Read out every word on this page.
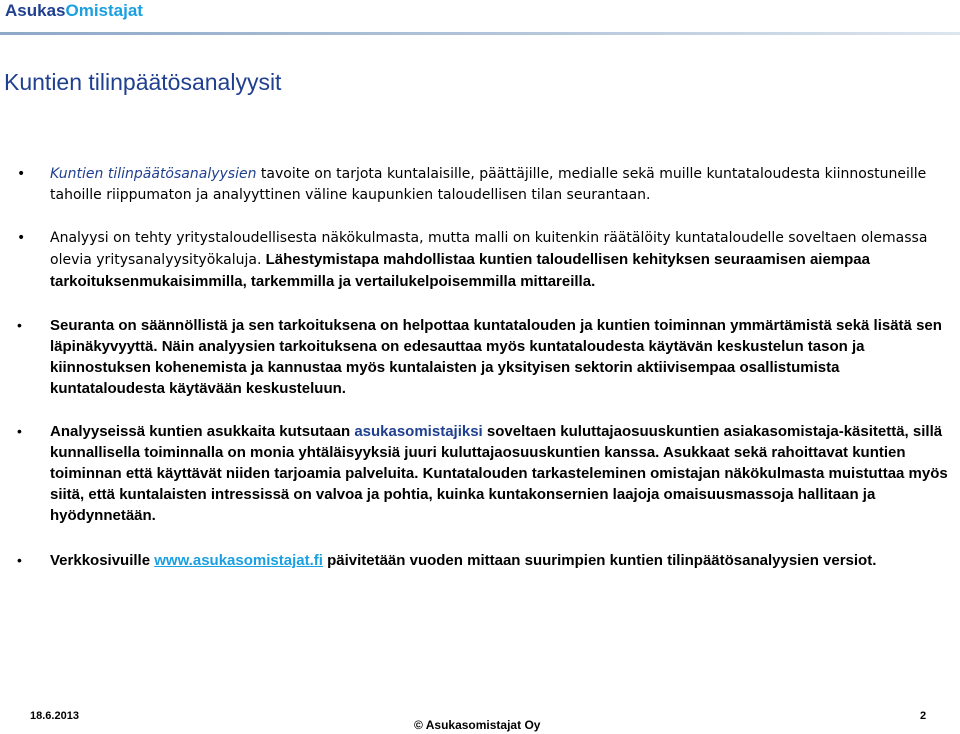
AsukasOmistajat
Kuntien tilinpäätösanalyysit
• Kuntien tilinpäätösanalyysien tavoite on tarjota kuntalaisille, päättäjille, medialle sekä muille kuntataloudesta kiinnostuneille tahoille riippumaton ja analyyttinen väline kaupunkien taloudellisen tilan seurantaan.
• Analyysi on tehty yritystaloudellisesta näkökulmasta, mutta malli on kuitenkin räätälöity kuntataloudelle soveltaen olemassa olevia yritysanalyysityökaluja. Lähestymistapa mahdollistaa kuntien taloudellisen kehityksen seuraamisen aiempaa tarkoituksenmukaisimmilla, tarkemmilla ja vertailukelpoisemmilla mittareilla.
• Seuranta on säännöllistä ja sen tarkoituksena on helpottaa kuntatalouden ja kuntien toiminnan ymmärtämistä sekä lisätä sen läpinäkyvyyttä. Näin analyysien tarkoituksena on edesauttaa myös kuntataloudesta käytävän keskustelun tason ja kiinnostuksen kohenemista ja kannustaa myös kuntalaisten ja yksityisen sektorin aktiivisempaa osallistumista kuntataloudesta käytävään keskusteluun.
• Analyyseissä kuntien asukkaita kutsutaan asukasomistajiksi soveltaen kuluttajaosuuskuntien asiakasomistaja-käsitettä, sillä kunnallisella toiminnalla on monia yhtäläisyyksiä juuri kuluttajaosuuskuntien kanssa. Asukkaat sekä rahoittavat kuntien toiminnan että käyttävät niiden tarjoamia palveluita. Kuntatalouden tarkasteleminen omistajan näkökulmasta muistuttaa myös siitä, että kuntalaisten intressissä on valvoa ja pohtia, kuinka kuntakonsernien laajoja omaisuusmassoja hallitaan ja hyödynnetään.
• Verkkosivuille www.asukasomistajat.fi päivitetään vuoden mittaan suurimpien kuntien tilinpäätösanalyysien versiot.
18.6.2013
© Asukasomistajat Oy
2
